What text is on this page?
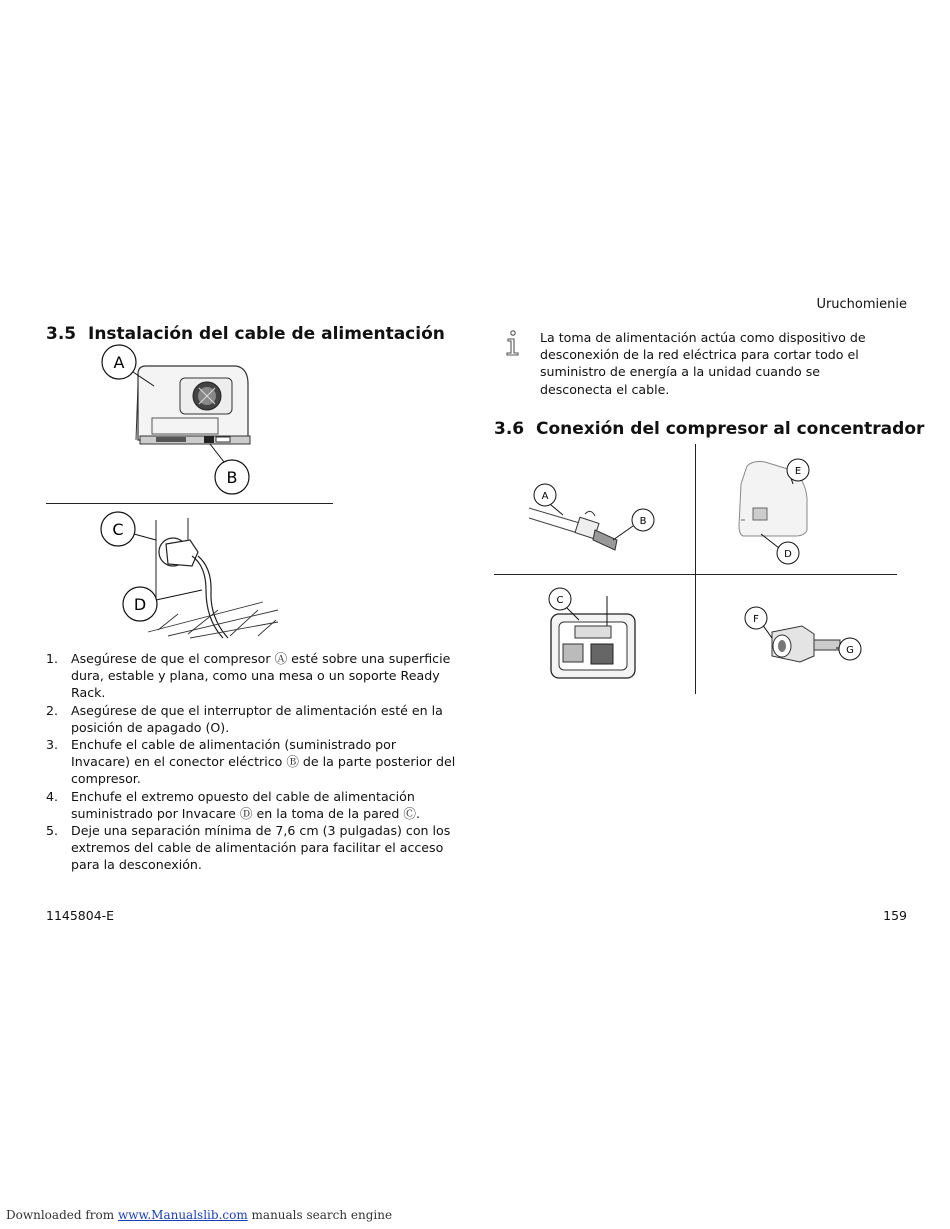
Uruchomienie
3.5 Instalación del cable de alimentación
A
B
C
D
1.	Asegúrese de que el compresor Ⓐ esté sobre una superficie dura, estable y plana, como una mesa o un soporte Ready Rack.
2.	Asegúrese de que el interruptor de alimentación esté en la posición de apagado (O).
3.	Enchufe el cable de alimentación (suministrado por Invacare) en el conector eléctrico Ⓑ de la parte posterior del compresor.
4.	Enchufe el extremo opuesto del cable de alimentación suministrado por Invacare Ⓓ en la toma de la pared Ⓒ.
5.	Deje una separación mínima de 7,6 cm (3 pulgadas) con los extremos del cable de alimentación para facilitar el acceso para la desconexión.
La toma de alimentación actúa como dispositivo de desconexión de la red eléctrica para cortar todo el suministro de energía a la unidad cuando se desconecta el cable.
3.6 Conexión del compresor al concentrador
A
B
E
D
C
F
G
1145804-E	159
Downloaded from www.Manualslib.com manuals search engine
